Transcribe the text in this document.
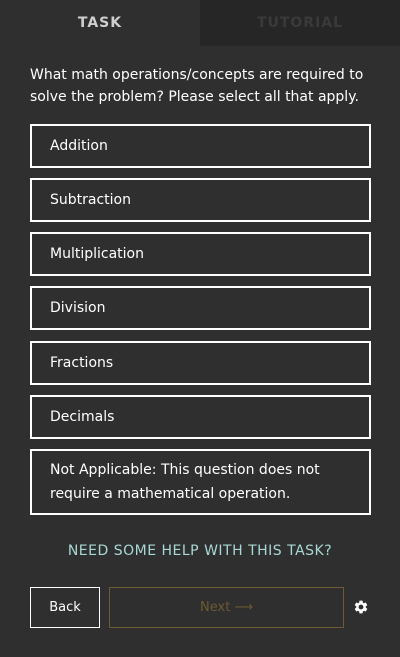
TASK	TUTORIAL
What math operations/concepts are required to solve the problem? Please select all that apply.
Addition
Subtraction
Multiplication
Division
Fractions
Decimals
Not Applicable: This question does not require a mathematical operation.
NEED SOME HELP WITH THIS TASK?
Back	Next ⟶
